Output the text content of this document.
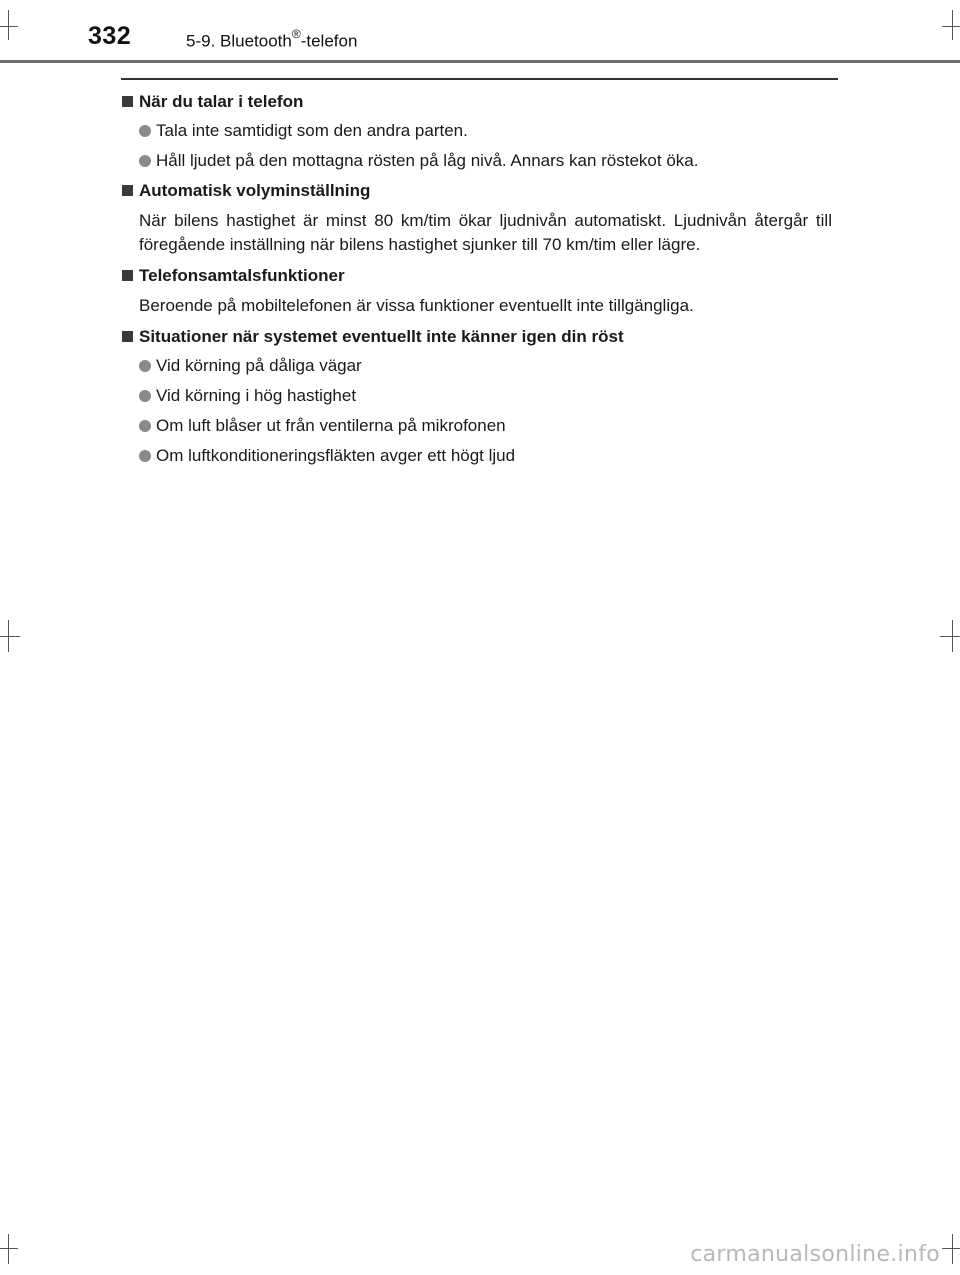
332	5-9. Bluetooth®-telefon
När du talar i telefon
Tala inte samtidigt som den andra parten.
Håll ljudet på den mottagna rösten på låg nivå. Annars kan röstekot öka.
Automatisk volyminställning
När bilens hastighet är minst 80 km/tim ökar ljudnivån automatiskt. Ljudnivån återgår till föregående inställning när bilens hastighet sjunker till 70 km/tim eller lägre.
Telefonsamtalsfunktioner
Beroende på mobiltelefonen är vissa funktioner eventuellt inte tillgängliga.
Situationer när systemet eventuellt inte känner igen din röst
Vid körning på dåliga vägar
Vid körning i hög hastighet
Om luft blåser ut från ventilerna på mikrofonen
Om luftkonditioneringsfläkten avger ett högt ljud
carmanualsonline.info
